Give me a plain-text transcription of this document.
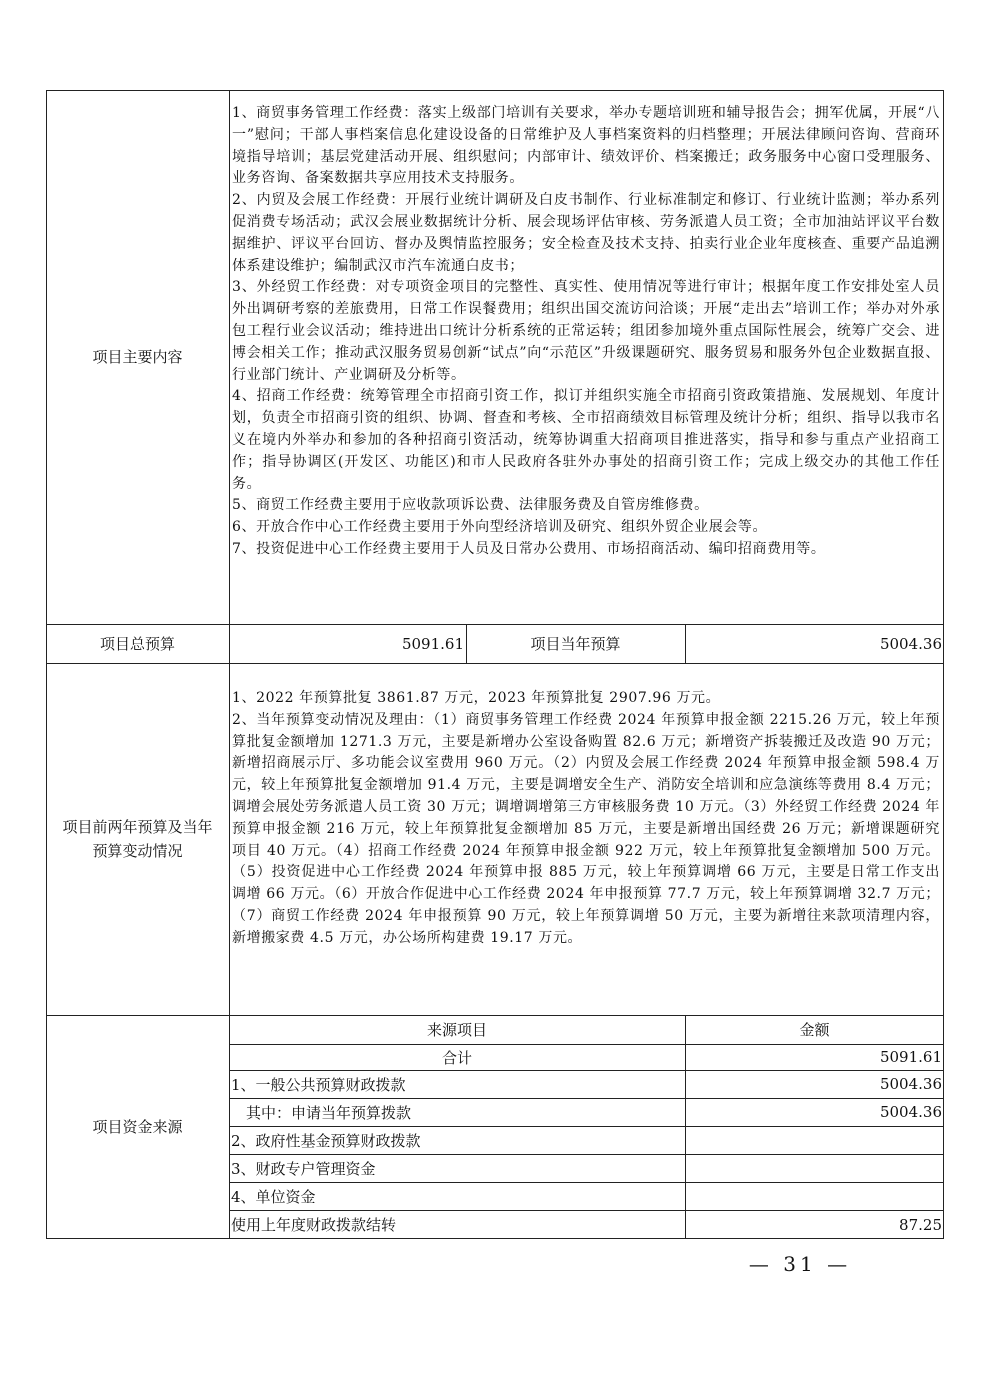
项目主要内容

1、商贸事务管理工作经费：落实上级部门培训有关要求，举办专题培训班和辅导报告会；拥军优属，开展“八一”慰问；干部人事档案信息化建设设备的日常维护及人事档案资料的归档整理；开展法律顾问咨询、营商环境指导培训；基层党建活动开展、组织慰问；内部审计、绩效评价、档案搬迁；政务服务中心窗口受理服务、业务咨询、备案数据共享应用技术支持服务。

2、内贸及会展工作经费：开展行业统计调研及白皮书制作、行业标准制定和修订、行业统计监测；举办系列促消费专场活动；武汉会展业数据统计分析、展会现场评估审核、劳务派遣人员工资；全市加油站评议平台数据维护、评议平台回访、督办及舆情监控服务；安全检查及技术支持、拍卖行业企业年度核查、重要产品追溯体系建设维护；编制武汉市汽车流通白皮书；

3、外经贸工作经费：对专项资金项目的完整性、真实性、使用情况等进行审计；根据年度工作安排处室人员外出调研考察的差旅费用，日常工作误餐费用；组织出国交流访问洽谈；开展“走出去”培训工作；举办对外承包工程行业会议活动；维持进出口统计分析系统的正常运转；组团参加境外重点国际性展会，统筹广交会、进博会相关工作；推动武汉服务贸易创新“试点”向“示范区”升级课题研究、服务贸易和服务外包企业数据直报、行业部门统计、产业调研及分析等。

4、招商工作经费：统筹管理全市招商引资工作，拟订并组织实施全市招商引资政策措施、发展规划、年度计划，负责全市招商引资的组织、协调、督查和考核、全市招商绩效目标管理及统计分析；组织、指导以我市名义在境内外举办和参加的各种招商引资活动，统筹协调重大招商项目推进落实，指导和参与重点产业招商工作；指导协调区(开发区、功能区)和市人民政府各驻外办事处的招商引资工作；完成上级交办的其他工作任务。

5、商贸工作经费主要用于应收款项诉讼费、法律服务费及自管房维修费。

6、开放合作中心工作经费主要用于外向型经济培训及研究、组织外贸企业展会等。

7、投资促进中心工作经费主要用于人员及日常办公费用、市场招商活动、编印招商费用等。

项目总预算	5091.61	项目当年预算	5004.36
项目前两年预算及当年
预算变动情况

1、2022 年预算批复 3861.87 万元，2023 年预算批复 2907.96 万元。

2、当年预算变动情况及理由：（1）商贸事务管理工作经费 2024 年预算申报金额 2215.26 万元，较上年预算批复金额增加 1271.3 万元，主要是新增办公室设备购置 82.6 万元；新增资产拆装搬迁及改造 90 万元；新增招商展示厅、多功能会议室费用 960 万元。（2）内贸及会展工作经费 2024 年预算申报金额 598.4 万元，较上年预算批复金额增加 91.4 万元，主要是调增安全生产、消防安全培训和应急演练等费用 8.4 万元；调增会展处劳务派遣人员工资 30 万元；调增调增第三方审核服务费 10 万元。（3）外经贸工作经费 2024 年预算申报金额 216 万元，较上年预算批复金额增加 85 万元，主要是新增出国经费 26 万元；新增课题研究项目 40 万元。（4）招商工作经费 2024 年预算申报金额 922 万元，较上年预算批复金额增加 500 万元。（5）投资促进中心工作经费 2024 年预算申报 885 万元，较上年预算调增 66 万元，主要是日常工作支出调增 66 万元。（6）开放合作促进中心工作经费 2024 年申报预算 77.7 万元，较上年预算调增 32.7 万元；（7）商贸工作经费 2024 年申报预算 90 万元，较上年预算调增 50 万元，主要为新增往来款项清理内容，新增搬家费 4.5 万元，办公场所构建费 19.17 万元。

项目资金来源
来源项目	金额
合计	5091.61
1、一般公共预算财政拨款	5004.36
　其中：申请当年预算拨款	5004.36
2、政府性基金预算财政拨款
3、财政专户管理资金
4、单位资金
使用上年度财政拨款结转	87.25
— 31 —
